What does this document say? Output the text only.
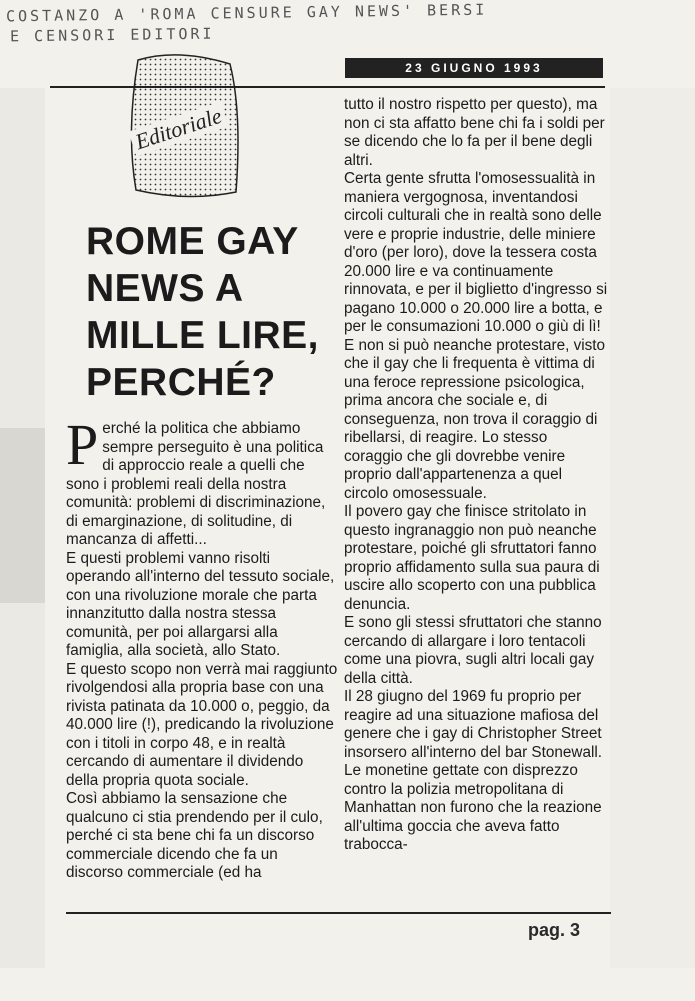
COSTANZO A 'ROMA CENSURE GAY NEWS' BERSI
E CENSORI EDITORI
23 GIUGNO 1993
Editoriale
ROME GAY
NEWS A
MILLE LIRE,
PERCHÉ?

Perché la politica che abbiamo sempre perseguito è una politica di approccio reale a quelli che sono i problemi reali della nostra comunità: problemi di discriminazione, di emarginazione, di solitudine, di mancanza di affetti...

E questi problemi vanno risolti operando all'interno del tessuto sociale, con una rivoluzione morale che parta innanzitutto dalla nostra stessa comunità, per poi allargarsi alla famiglia, alla società, allo Stato.

E questo scopo non verrà mai raggiunto rivolgendosi alla propria base con una rivista patinata da 10.000 o, peggio, da 40.000 lire (!), predicando la rivoluzione con i titoli in corpo 48, e in realtà cercando di aumentare il dividendo della propria quota sociale.

Così abbiamo la sensazione che qualcuno ci stia prendendo per il culo, perché ci sta bene chi fa un discorso commerciale dicendo che fa un discorso commerciale (ed ha

tutto il nostro rispetto per questo), ma non ci sta affatto bene chi fa i soldi per se dicendo che lo fa per il bene degli altri.

Certa gente sfrutta l'omosessualità in maniera vergognosa, inventandosi circoli culturali che in realtà sono delle vere e proprie industrie, delle miniere d'oro (per loro), dove la tessera costa 20.000 lire e va continuamente rinnovata, e per il biglietto d'ingresso si pagano 10.000 o 20.000 lire a botta, e per le consumazioni 10.000 o giù di lì!

E non si può neanche protestare, visto che il gay che li frequenta è vittima di una feroce repressione psicologica, prima ancora che sociale e, di conseguenza, non trova il coraggio di ribellarsi, di reagire. Lo stesso coraggio che gli dovrebbe venire proprio dall'appartenenza a quel circolo omosessuale.

Il povero gay che finisce stritolato in questo ingranaggio non può neanche protestare, poiché gli sfruttatori fanno proprio affidamento sulla sua paura di uscire allo scoperto con una pubblica denuncia.

E sono gli stessi sfruttatori che stanno cercando di allargare i loro tentacoli come una piovra, sugli altri locali gay della città.

Il 28 giugno del 1969 fu proprio per reagire ad una situazione mafiosa del genere che i gay di Christopher Street insorsero all'interno del bar Stonewall. Le monetine gettate con disprezzo contro la polizia metropolitana di Manhattan non furono che la reazione all'ultima goccia che aveva fatto trabocca-

pag. 3
